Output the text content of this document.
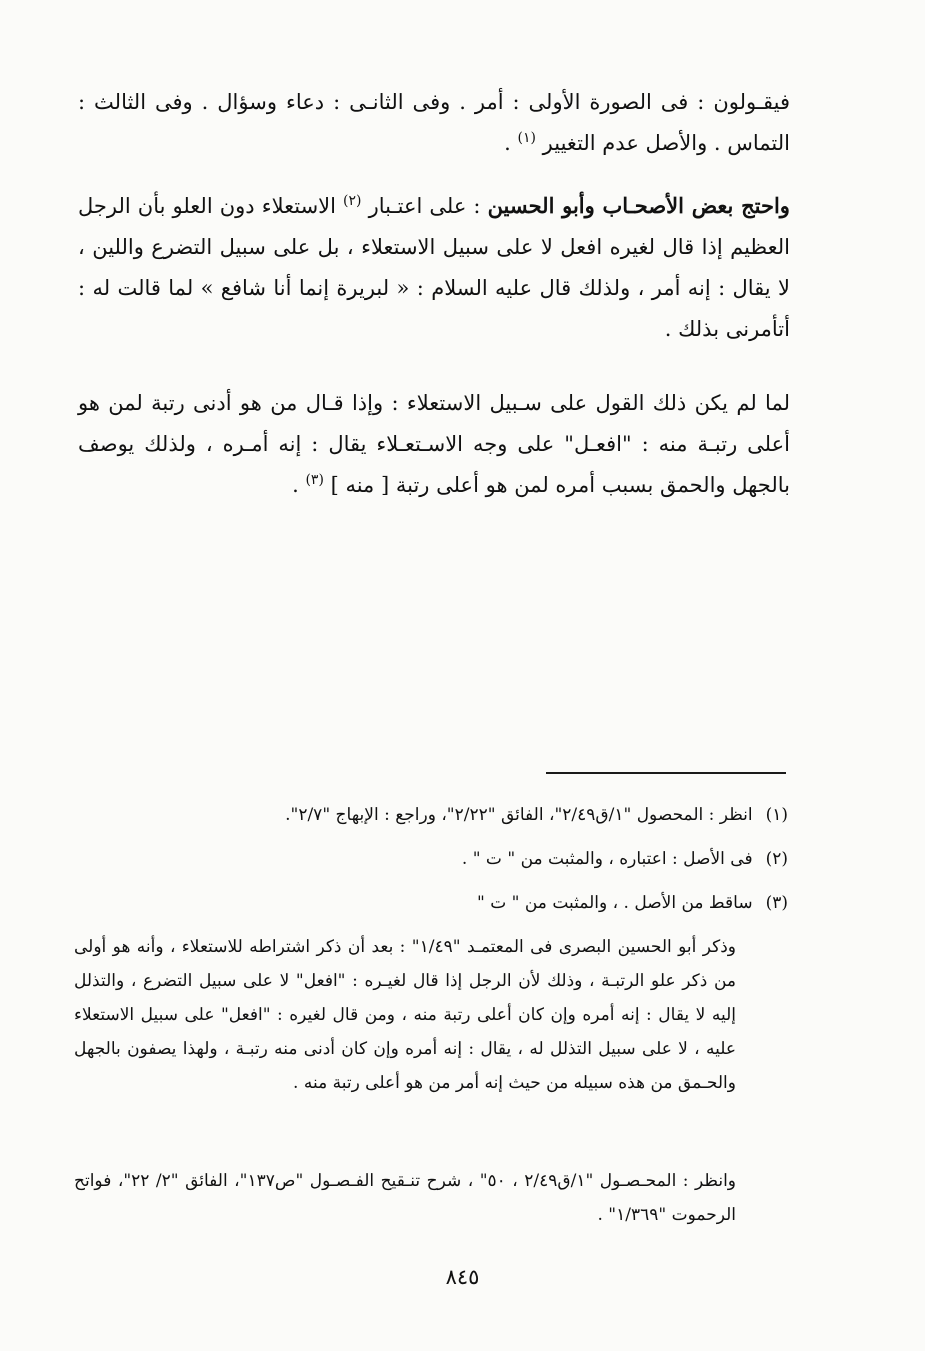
فيقـولون : فى الصورة الأولى : أمر . وفى الثانـى : دعاء وسؤال . وفى الثالث : التماس . والأصل عدم التغيير $^{(١)}$ .

واحتج بعض الأصحـاب وأبو الحسين : على اعتـبار $^{(٢)}$ الاستعلاء دون العلو بأن الرجل العظيم إذا قال لغيره افعل لا على سبيل الاستعلاء ، بل على سبيل التضرع واللين ، لا يقال : إنه أمر ، ولذلك قال عليه السلام : « لبريرة إنما أنا شافع » لما قالت له : أتأمرنى بذلك .

لما لم يكن ذلك القول على سـبيل الاستعلاء : وإذا قـال من هو أدنى رتبة لمن هو أعلى رتبـة منه : "افعـل" على وجه الاسـتعـلاء يقال : إنه أمـره ، ولذلك يوصف بالجهل والحمق بسبب أمره لمن هو أعلى رتبة [ منه ] $^{(٣)}$ .

(١) انظر : المحصول "١/ق٢/٤٩"، الفائق "٢/٢٢"، وراجع : الإبهاج "٢/٧".
(٢) فى الأصل : اعتباره ، والمثبت من " ت " .
(٣) ساقط من الأصل . ، والمثبت من " ت "
وذكر أبو الحسين البصرى فى المعتمـد "١/٤٩" : بعد أن ذكر اشتراطه للاستعلاء ، وأنه هو أولى من ذكر علو الرتبـة ، وذلك لأن الرجل إذا قال لغيـره : "افعل" لا على سبيل التضرع ، والتذلل إليه لا يقال : إنه أمره وإن كان أعلى رتبة منه ، ومن قال لغيره : "افعل" على سبيل الاستعلاء عليه ، لا على سبيل التذلل له ، يقال : إنه أمره وإن كان أدنى منه رتبـة ، ولهذا يصفون بالجهل والحـمق من هذه سبيله من حيث إنه أمر من هو أعلى رتبة منه .
وانظر : المحـصـول "١/ق٢/٤٩ ، ٥٠" ، شرح تنـقيح الفـصـول "ص١٣٧"، الفائق "٢/ ٢٢"، فواتح الرحموت "١/٣٦٩" .
٨٤٥
